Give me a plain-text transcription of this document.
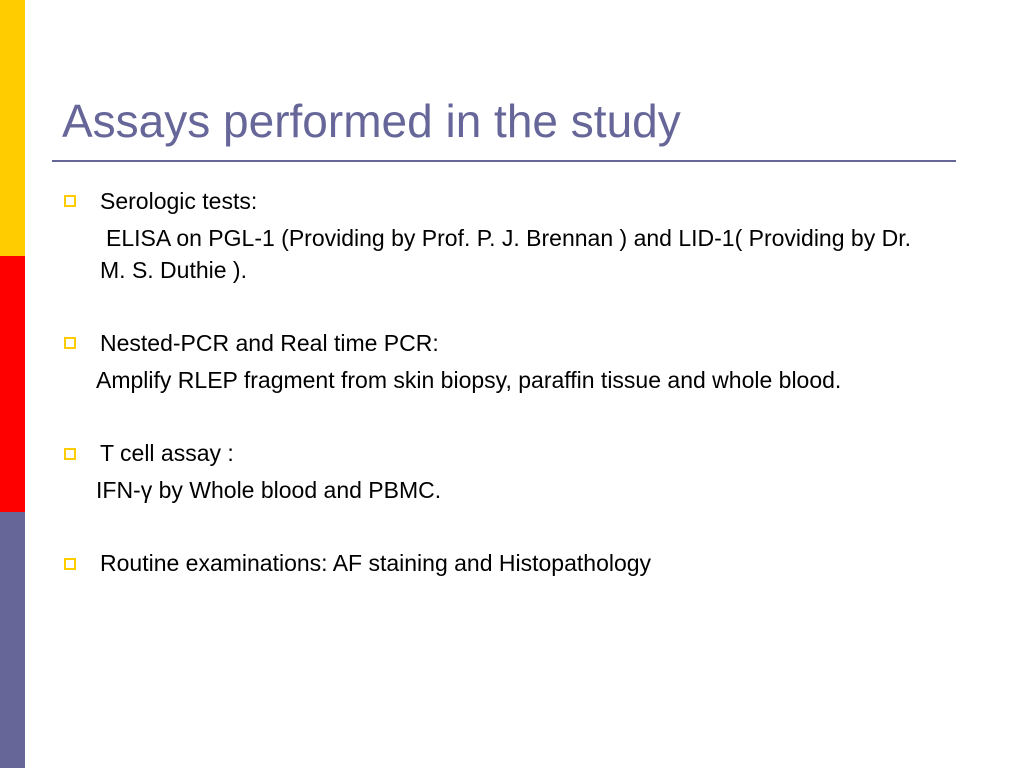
Assays performed in the study

Serologic tests:

ELISA on PGL-1 (Providing by Prof. P. J. Brennan ) and LID-1( Providing by Dr. M. S. Duthie ).

Nested-PCR and Real time PCR:

Amplify RLEP fragment from skin biopsy, paraffin tissue and whole blood.

T cell assay :

IFN-γ by Whole blood and PBMC.

Routine examinations: AF staining and Histopathology
